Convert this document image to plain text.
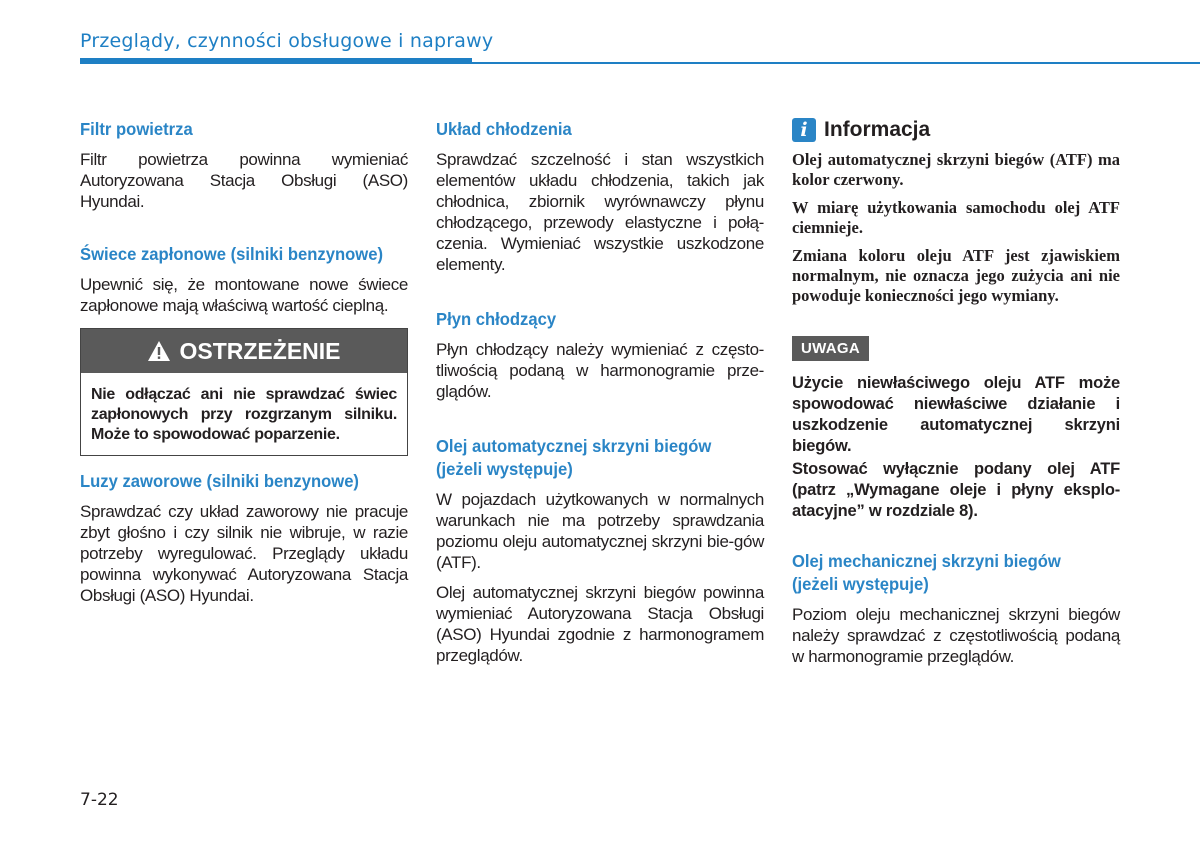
Przeglądy, czynności obsługowe i naprawy
Filtr powietrza

Filtr powietrza powinna wymieniać Autoryzowana Stacja Obsługi (ASO) Hyundai.

Świece zapłonowe (silniki benzynowe)

Upewnić się, że montowane nowe świece zapłonowe mają właściwą wartość cieplną.

OSTRZEŻENIE
Nie odłączać ani nie sprawdzać świec zapłonowych przy rozgrzanym silniku. Może to spowodować poparzenie.
Luzy zaworowe (silniki benzynowe)

Sprawdzać czy układ zaworowy nie pracuje zbyt głośno i czy silnik nie wibruje, w razie potrzeby wyregulować. Przeglądy układu powinna wykonywać Autoryzowana Stacja Obsługi (ASO) Hyundai.

Układ chłodzenia

Sprawdzać szczelność i stan wszystkich elementów układu chłodzenia, takich jak chłodnica, zbiornik wyrównawczy płynu chłodzącego, przewody elastyczne i połą-czenia. Wymieniać wszystkie uszkodzone elementy.

Płyn chłodzący

Płyn chłodzący należy wymieniać z często-tliwością podaną w harmonogramie prze-glądów.

Olej automatycznej skrzyni biegów (jeżeli występuje)

W pojazdach użytkowanych w normalnych warunkach nie ma potrzeby sprawdzania poziomu oleju automatycznej skrzyni bie-gów (ATF).

Olej automatycznej skrzyni biegów powinna wymieniać Autoryzowana Stacja Obsługi (ASO) Hyundai zgodnie z harmonogramem przeglądów.

i Informacja

Olej automatycznej skrzyni biegów (ATF) ma kolor czerwony.

W miarę użytkowania samochodu olej ATF ciemnieje.

Zmiana koloru oleju ATF jest zjawiskiem normalnym, nie oznacza jego zużycia ani nie powoduje konieczności jego wymiany.

UWAGA

Użycie niewłaściwego oleju ATF może spowodować niewłaściwe działanie i uszkodzenie automatycznej skrzyni biegów.

Stosować wyłącznie podany olej ATF (patrz „Wymagane oleje i płyny eksplo-atacyjne” w rozdziale 8).

Olej mechanicznej skrzyni biegów (jeżeli występuje)

Poziom oleju mechanicznej skrzyni biegów należy sprawdzać z częstotliwością podaną w harmonogramie przeglądów.

7-22
